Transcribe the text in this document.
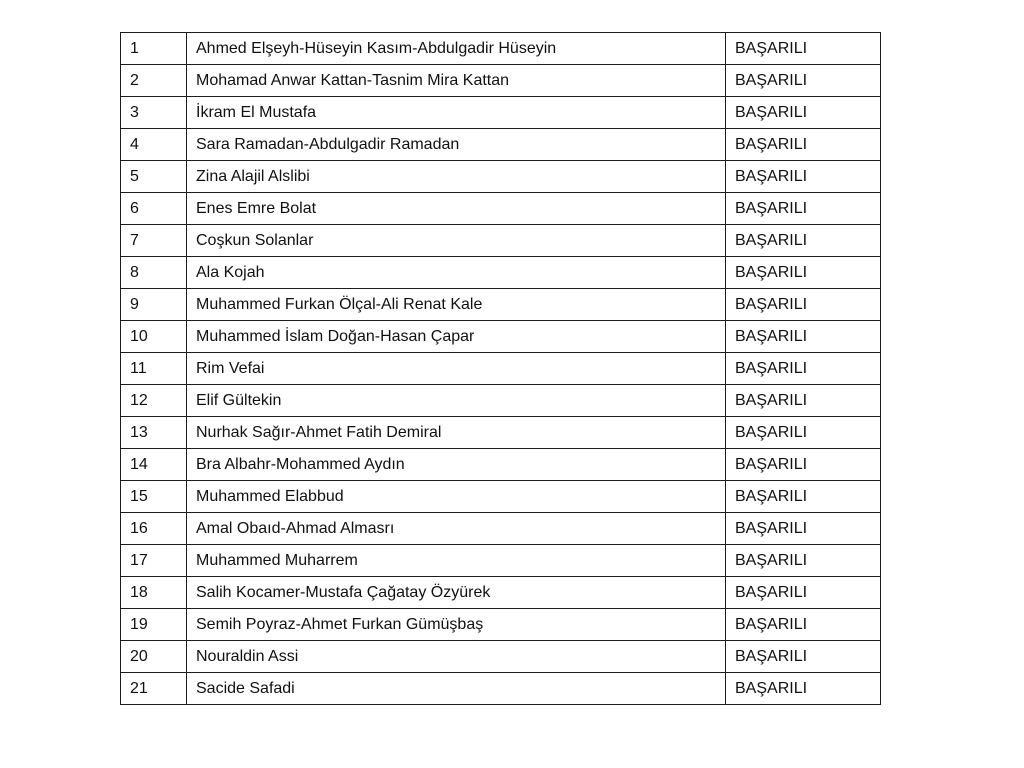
1	Ahmed Elşeyh-Hüseyin Kasım-Abdulgadir Hüseyin	BAŞARILI
2	Mohamad Anwar Kattan-Tasnim Mira Kattan	BAŞARILI
3	İkram El Mustafa	BAŞARILI
4	Sara Ramadan-Abdulgadir Ramadan	BAŞARILI
5	Zina Alajil Alslibi	BAŞARILI
6	Enes Emre Bolat	BAŞARILI
7	Coşkun Solanlar	BAŞARILI
8	Ala Kojah	BAŞARILI
9	Muhammed Furkan Ölçal-Ali Renat Kale	BAŞARILI
10	Muhammed İslam Doğan-Hasan Çapar	BAŞARILI
11	Rim Vefai	BAŞARILI
12	Elif Gültekin	BAŞARILI
13	Nurhak Sağır-Ahmet Fatih Demiral	BAŞARILI
14	Bra Albahr-Mohammed Aydın	BAŞARILI
15	Muhammed Elabbud	BAŞARILI
16	Amal Obaıd-Ahmad Almasrı	BAŞARILI
17	Muhammed Muharrem	BAŞARILI
18	Salih Kocamer-Mustafa Çağatay Özyürek	BAŞARILI
19	Semih Poyraz-Ahmet Furkan Gümüşbaş	BAŞARILI
20	Nouraldin Assi	BAŞARILI
21	Sacide Safadi	BAŞARILI
